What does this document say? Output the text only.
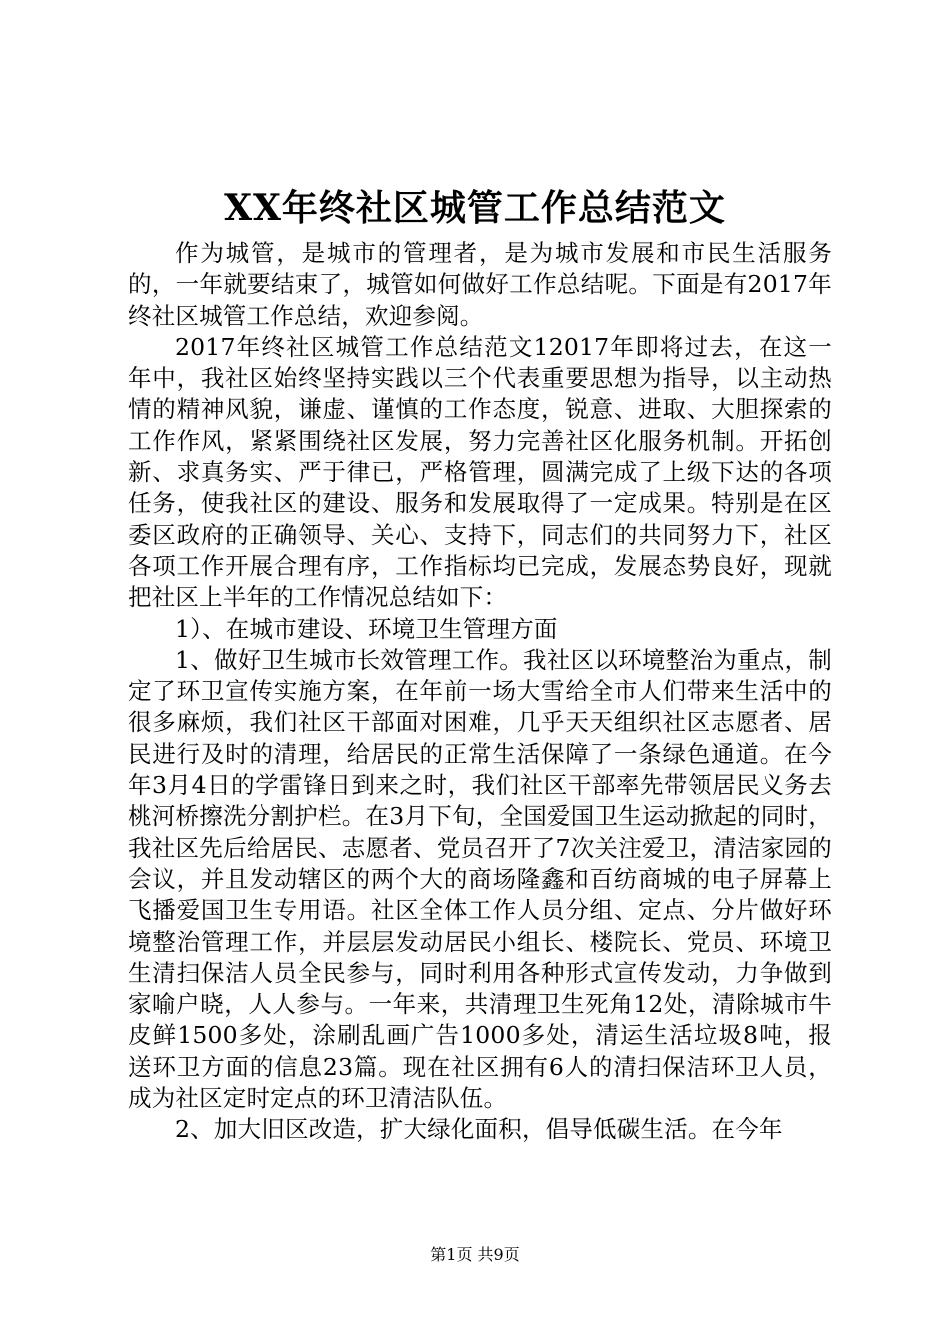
XX年终社区城管工作总结范文

作为城管，是城市的管理者，是为城市发展和市民生活服务的，一年就要结束了，城管如何做好工作总结呢。下面是有2017年终社区城管工作总结，欢迎参阅。

2017年终社区城管工作总结范文12017年即将过去，在这一年中，我社区始终坚持实践以三个代表重要思想为指导，以主动热情的精神风貌，谦虚、谨慎的工作态度，锐意、进取、大胆探索的工作作风，紧紧围绕社区发展，努力完善社区化服务机制。开拓创新、求真务实、严于律已，严格管理，圆满完成了上级下达的各项任务，使我社区的建设、服务和发展取得了一定成果。特别是在区委区政府的正确领导、关心、支持下，同志们的共同努力下，社区各项工作开展合理有序，工作指标均已完成，发展态势良好，现就把社区上半年的工作情况总结如下：

1）、在城市建设、环境卫生管理方面

1、做好卫生城市长效管理工作。我社区以环境整治为重点，制定了环卫宣传实施方案，在年前一场大雪给全市人们带来生活中的很多麻烦，我们社区干部面对困难，几乎天天组织社区志愿者、居民进行及时的清理，给居民的正常生活保障了一条绿色通道。在今年3月4日的学雷锋日到来之时，我们社区干部率先带领居民义务去桃河桥擦洗分割护栏。在3月下旬，全国爱国卫生运动掀起的同时，我社区先后给居民、志愿者、党员召开了7次关注爱卫，清洁家园的会议，并且发动辖区的两个大的商场隆鑫和百纺商城的电子屏幕上飞播爱国卫生专用语。社区全体工作人员分组、定点、分片做好环境整治管理工作，并层层发动居民小组长、楼院长、党员、环境卫生清扫保洁人员全民参与，同时利用各种形式宣传发动，力争做到家喻户晓，人人参与。一年来，共清理卫生死角12处，清除城市牛皮鲜1500多处，涂刷乱画广告1000多处，清运生活垃圾8吨，报送环卫方面的信息23篇。现在社区拥有6人的清扫保洁环卫人员，成为社区定时定点的环卫清洁队伍。

2、加大旧区改造，扩大绿化面积，倡导低碳生活。在今年

第1页 共9页
